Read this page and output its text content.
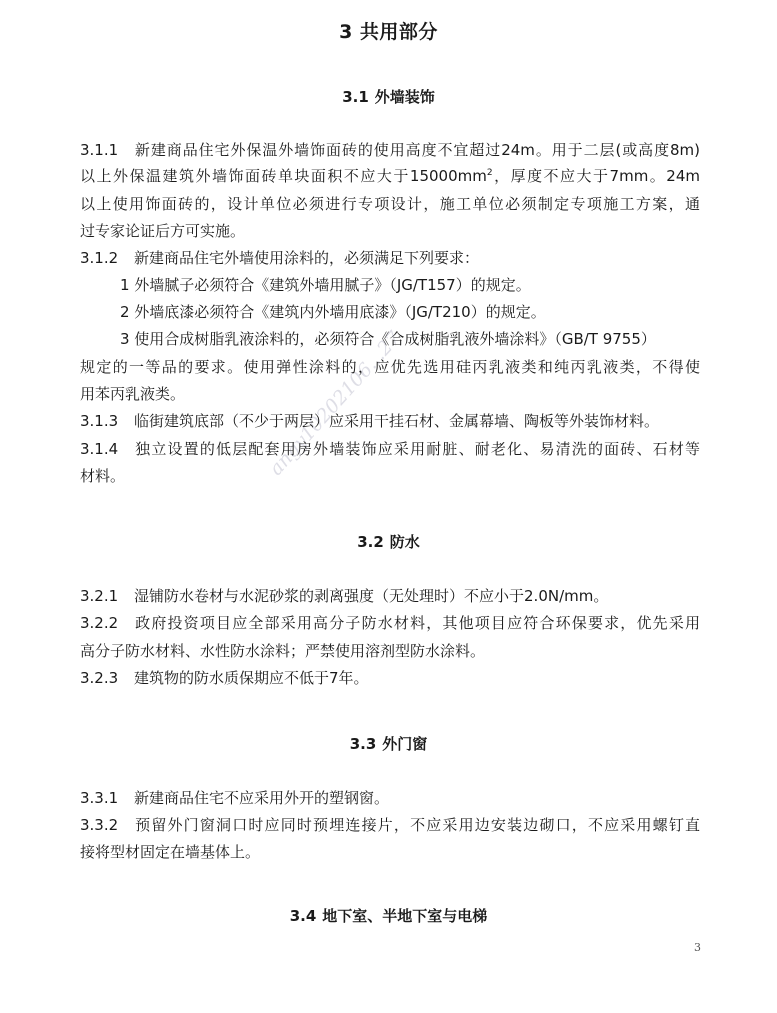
angy10202106...27
3 共用部分
3.1 外墙装饰
3.1.1 新建商品住宅外保温外墙饰面砖的使用高度不宜超过24m。用于二层(或高度8m)
以上外保温建筑外墙饰面砖单块面积不应大于$15000mm^2$，厚度不应大于7mm。24m
以上使用饰面砖的，设计单位必须进行专项设计，施工单位必须制定专项施工方案，通
过专家论证后方可实施。
3.1.2 新建商品住宅外墙使用涂料的，必须满足下列要求：
1 外墙腻子必须符合《建筑外墙用腻子》（JG/T157）的规定。
2 外墙底漆必须符合《建筑内外墙用底漆》（JG/T210）的规定。
3 使用合成树脂乳液涂料的，必须符合《合成树脂乳液外墙涂料》（GB/T 9755）
规定的一等品的要求。使用弹性涂料的，应优先选用硅丙乳液类和纯丙乳液类，不得使
用苯丙乳液类。
3.1.3 临街建筑底部（不少于两层）应采用干挂石材、金属幕墙、陶板等外装饰材料。
3.1.4 独立设置的低层配套用房外墙装饰应采用耐脏、耐老化、易清洗的面砖、石材等
材料。
3.2 防水
3.2.1 湿铺防水卷材与水泥砂浆的剥离强度（无处理时）不应小于2.0N/mm。
3.2.2 政府投资项目应全部采用高分子防水材料，其他项目应符合环保要求，优先采用
高分子防水材料、水性防水涂料；严禁使用溶剂型防水涂料。
3.2.3 建筑物的防水质保期应不低于7年。
3.3 外门窗
3.3.1 新建商品住宅不应采用外开的塑钢窗。
3.3.2 预留外门窗洞口时应同时预埋连接片，不应采用边安装边砌口，不应采用螺钉直
接将型材固定在墙基体上。
3.4 地下室、半地下室与电梯
3
